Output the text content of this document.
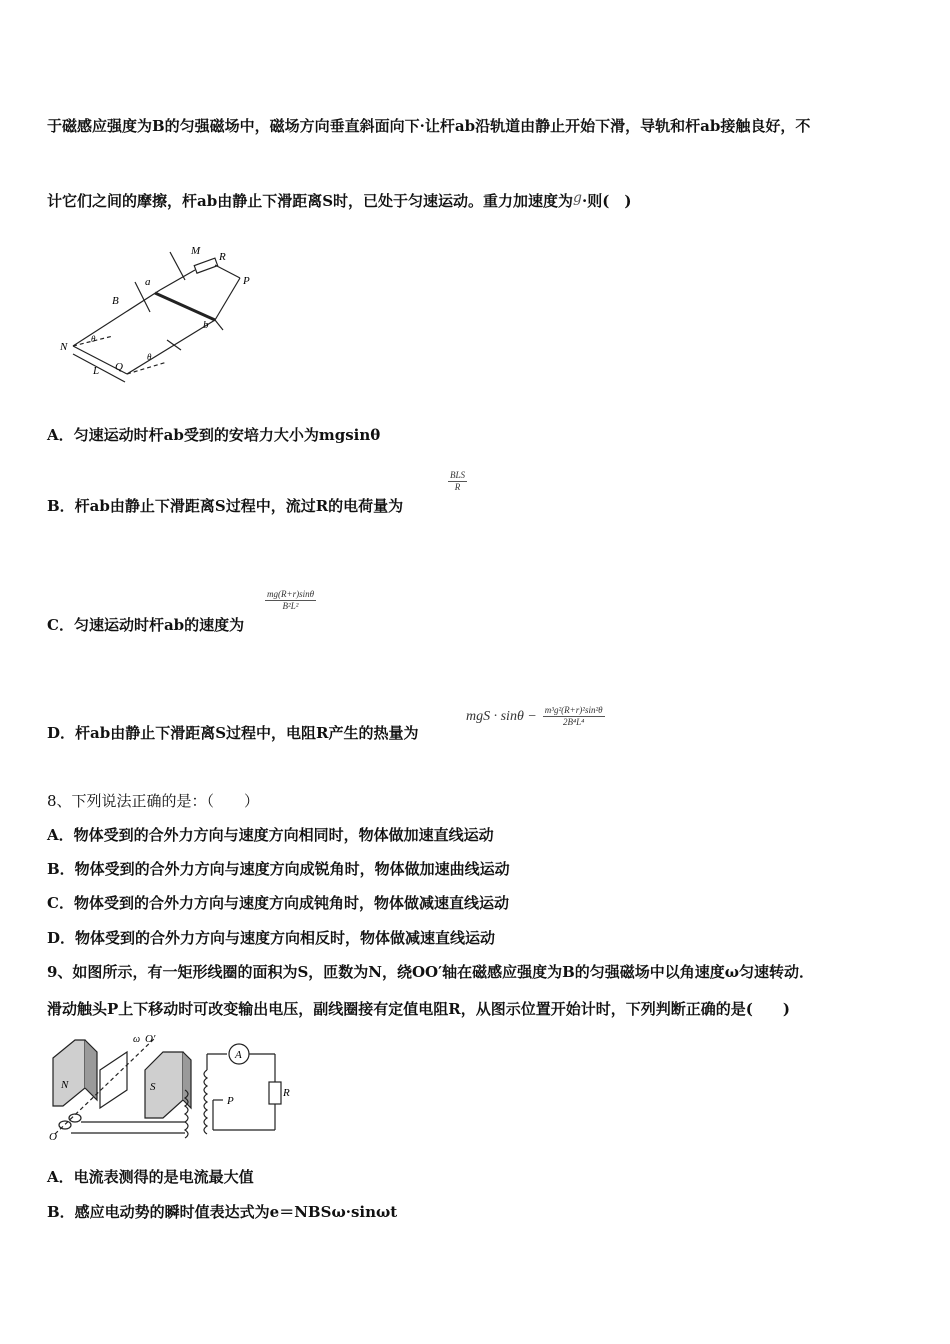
于磁感应强度为B的匀强磁场中，磁场方向垂直斜面向下·让杆ab沿轨道由静止开始下滑，导轨和杆ab接触良好，不
计它们之间的摩擦，杆ab由静止下滑距离S时，已处于匀速运动。重力加速度为g·则(　)
M R
P
a
B
b
N
θ
θ
Q
L
A．匀速运动时杆ab受到的安培力大小为mgsinθ
$\frac{\text{BLS}}{R}$
B．杆ab由静止下滑距离S过程中，流过R的电荷量为
$\frac{mg(R+r)\sin\theta}{\text{B²L²}}$
C．匀速运动时杆ab的速度为
D．杆ab由静止下滑距离S过程中，电阻R产生的热量为
mgS · $\sin\theta - \frac{\text{m³g²(R+r)²sin²θ}}{\text{2B⁴L⁴}}$
8、下列说法正确的是：（　　）
A．物体受到的合外力方向与速度方向相同时，物体做加速直线运动
B．物体受到的合外力方向与速度方向成锐角时，物体做加速曲线运动
C．物体受到的合外力方向与速度方向成钝角时，物体做减速直线运动
D．物体受到的合外力方向与速度方向相反时，物体做减速直线运动
9、如图所示，有一矩形线圈的面积为S，匝数为N，绕OO′轴在磁感应强度为B的匀强磁场中以角速度ω匀速转动．
滑动触头P上下移动时可改变输出电压，副线圈接有定值电阻R，从图示位置开始计时，下列判断正确的是(　　)
ω O′
N	S
A
R
P
O
A．电流表测得的是电流最大值
B．感应电动势的瞬时值表达式为e＝NBSω·sinωt
